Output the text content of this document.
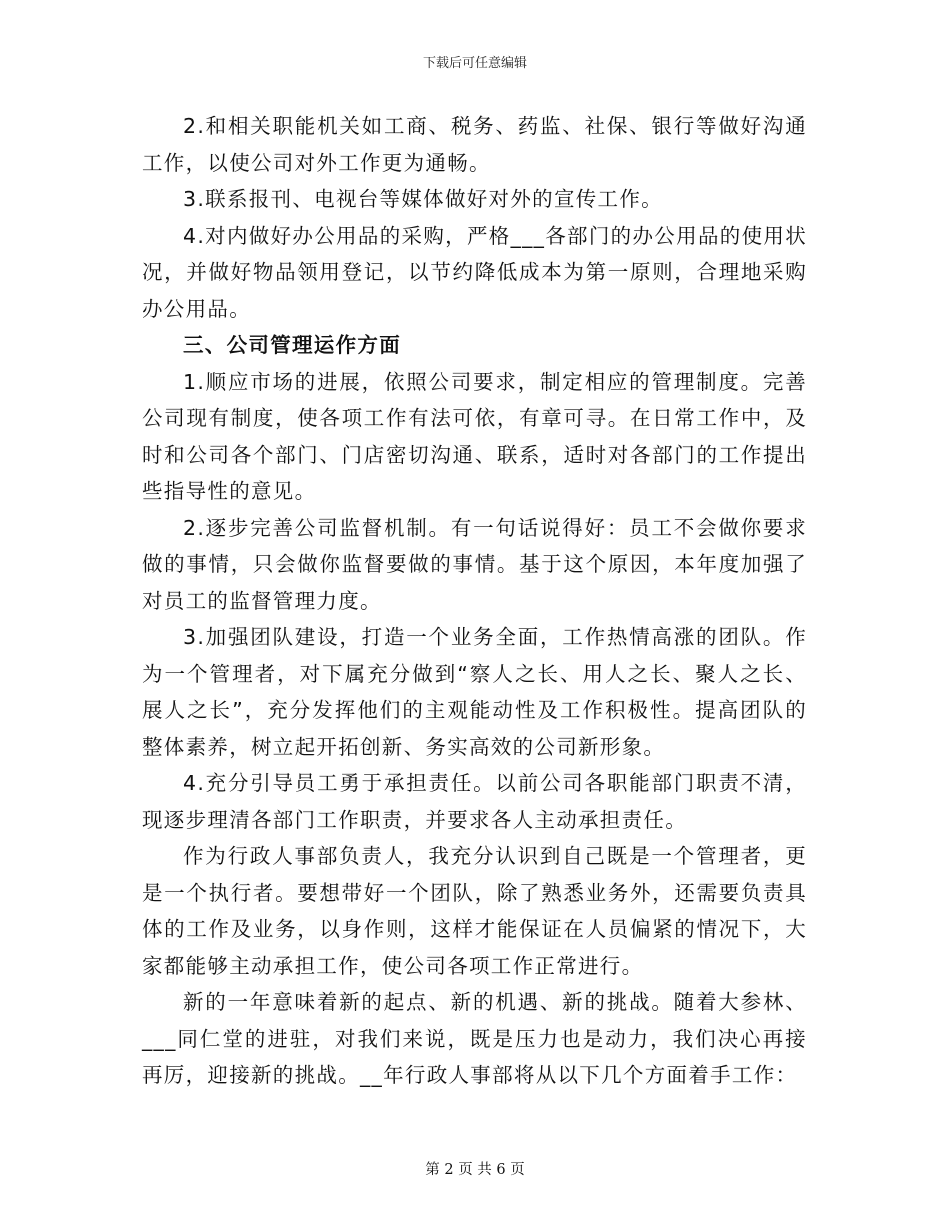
下载后可任意编辑

2.和相关职能机关如工商、税务、药监、社保、银行等做好沟通工作，以使公司对外工作更为通畅。

3.联系报刊、电视台等媒体做好对外的宣传工作。

4.对内做好办公用品的采购，严格___各部门的办公用品的使用状况，并做好物品领用登记，以节约降低成本为第一原则，合理地采购办公用品。

三、公司管理运作方面

1.顺应市场的进展，依照公司要求，制定相应的管理制度。完善公司现有制度，使各项工作有法可依，有章可寻。在日常工作中，及时和公司各个部门、门店密切沟通、联系，适时对各部门的工作提出些指导性的意见。

2.逐步完善公司监督机制。有一句话说得好：员工不会做你要求做的事情，只会做你监督要做的事情。基于这个原因，本年度加强了对员工的监督管理力度。

3.加强团队建设，打造一个业务全面，工作热情高涨的团队。作为一个管理者，对下属充分做到“察人之长、用人之长、聚人之长、展人之长”，充分发挥他们的主观能动性及工作积极性。提高团队的整体素养，树立起开拓创新、务实高效的公司新形象。

4.充分引导员工勇于承担责任。以前公司各职能部门职责不清，现逐步理清各部门工作职责，并要求各人主动承担责任。

作为行政人事部负责人，我充分认识到自己既是一个管理者，更是一个执行者。要想带好一个团队，除了熟悉业务外，还需要负责具体的工作及业务，以身作则，这样才能保证在人员偏紧的情况下，大家都能够主动承担工作，使公司各项工作正常进行。

新的一年意味着新的起点、新的机遇、新的挑战。随着大参林、___同仁堂的进驻，对我们来说，既是压力也是动力，我们决心再接再厉，迎接新的挑战。__年行政人事部将从以下几个方面着手工作：

第 2 页 共 6 页
